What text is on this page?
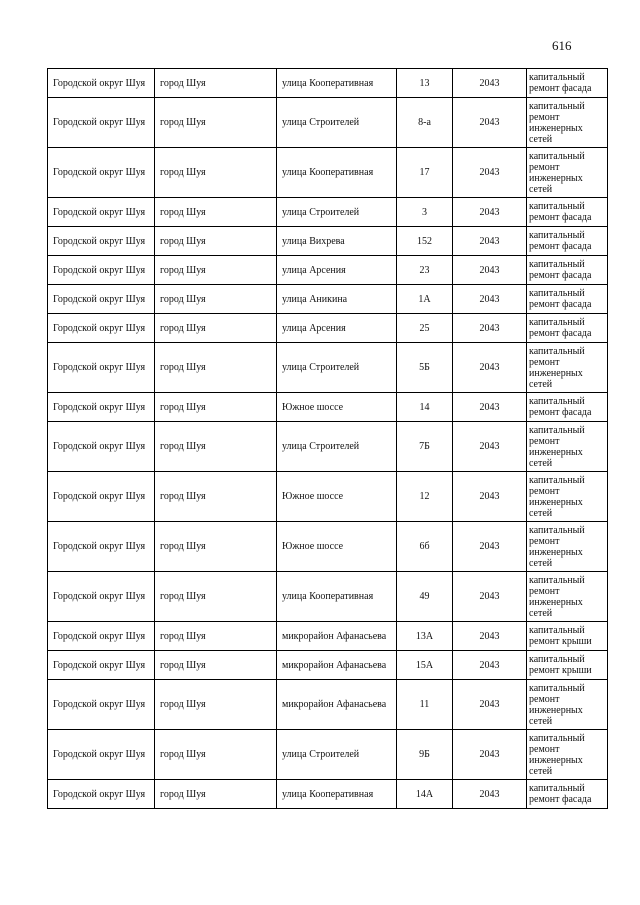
616
Городской округ Шуя	город Шуя	улица Кооперативная	13	2043	капитальный ремонт фасада
Городской округ Шуя	город Шуя	улица Строителей	8-а	2043	капитальный ремонт инженерных сетей
Городской округ Шуя	город Шуя	улица Кооперативная	17	2043	капитальный ремонт инженерных сетей
Городской округ Шуя	город Шуя	улица Строителей	3	2043	капитальный ремонт фасада
Городской округ Шуя	город Шуя	улица Вихрева	152	2043	капитальный ремонт фасада
Городской округ Шуя	город Шуя	улица Арсения	23	2043	капитальный ремонт фасада
Городской округ Шуя	город Шуя	улица Аникина	1А	2043	капитальный ремонт фасада
Городской округ Шуя	город Шуя	улица Арсения	25	2043	капитальный ремонт фасада
Городской округ Шуя	город Шуя	улица Строителей	5Б	2043	капитальный ремонт инженерных сетей
Городской округ Шуя	город Шуя	Южное шоссе	14	2043	капитальный ремонт фасада
Городской округ Шуя	город Шуя	улица Строителей	7Б	2043	капитальный ремонт инженерных сетей
Городской округ Шуя	город Шуя	Южное шоссе	12	2043	капитальный ремонт инженерных сетей
Городской округ Шуя	город Шуя	Южное шоссе	6б	2043	капитальный ремонт инженерных сетей
Городской округ Шуя	город Шуя	улица Кооперативная	49	2043	капитальный ремонт инженерных сетей
Городской округ Шуя	город Шуя	микрорайон Афанасьева	13А	2043	капитальный ремонт крыши
Городской округ Шуя	город Шуя	микрорайон Афанасьева	15А	2043	капитальный ремонт крыши
Городской округ Шуя	город Шуя	микрорайон Афанасьева	11	2043	капитальный ремонт инженерных сетей
Городской округ Шуя	город Шуя	улица Строителей	9Б	2043	капитальный ремонт инженерных сетей
Городской округ Шуя	город Шуя	улица Кооперативная	14А	2043	капитальный ремонт фасада
